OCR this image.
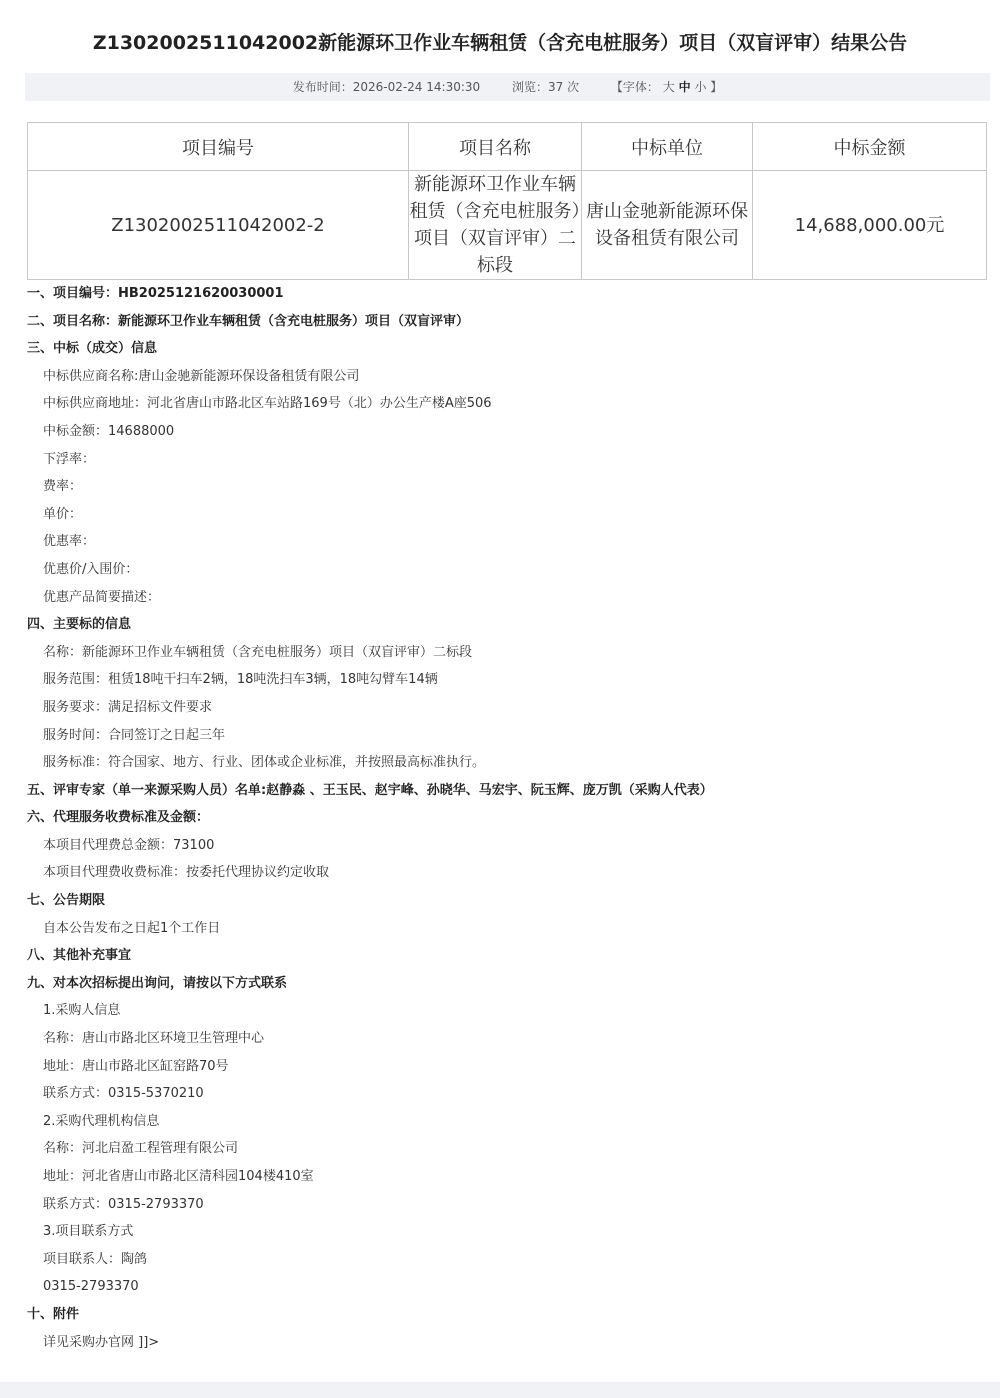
Z1302002511042002新能源环卫作业车辆租赁（含充电桩服务）项目（双盲评审）结果公告
发布时间：2026-02-24 14:30:30	浏览：37 次	【字体： 大 中 小 】
项目编号	项目名称	中标单位	中标金额
Z1302002511042002-2	新能源环卫作业车辆租赁（含充电桩服务）项目（双盲评审）二标段	唐山金驰新能源环保设备租赁有限公司	14,688,000.00元
一、项目编号：HB2025121620030001
二、项目名称：新能源环卫作业车辆租赁（含充电桩服务）项目（双盲评审）
三、中标（成交）信息
中标供应商名称:唐山金驰新能源环保设备租赁有限公司
中标供应商地址：河北省唐山市路北区车站路169号（北）办公生产楼A座506
中标金额：14688000
下浮率：
费率：
单价：
优惠率：
优惠价/入围价：
优惠产品简要描述：
四、主要标的信息
名称：新能源环卫作业车辆租赁（含充电桩服务）项目（双盲评审）二标段
服务范围：租赁18吨干扫车2辆，18吨洗扫车3辆，18吨勾臂车14辆
服务要求：满足招标文件要求
服务时间：合同签订之日起三年
服务标准：符合国家、地方、行业、团体或企业标准，并按照最高标准执行。
五、评审专家（单一来源采购人员）名单:赵静淼 、王玉民、赵宇峰、孙晓华、马宏宇、阮玉辉、庞万凯（采购人代表）
六、代理服务收费标准及金额：
本项目代理费总金额：73100
本项目代理费收费标准：按委托代理协议约定收取
七、公告期限
自本公告发布之日起1个工作日
八、其他补充事宜
九、对本次招标提出询问，请按以下方式联系
1.采购人信息
名称：唐山市路北区环境卫生管理中心
地址：唐山市路北区缸窑路70号
联系方式：0315-5370210
2.采购代理机构信息
名称：河北启盈工程管理有限公司
地址：河北省唐山市路北区清科园104楼410室
联系方式：0315-2793370
3.项目联系方式
项目联系人：陶鸽
0315-2793370
十、附件
详见采购办官网 ]]>
